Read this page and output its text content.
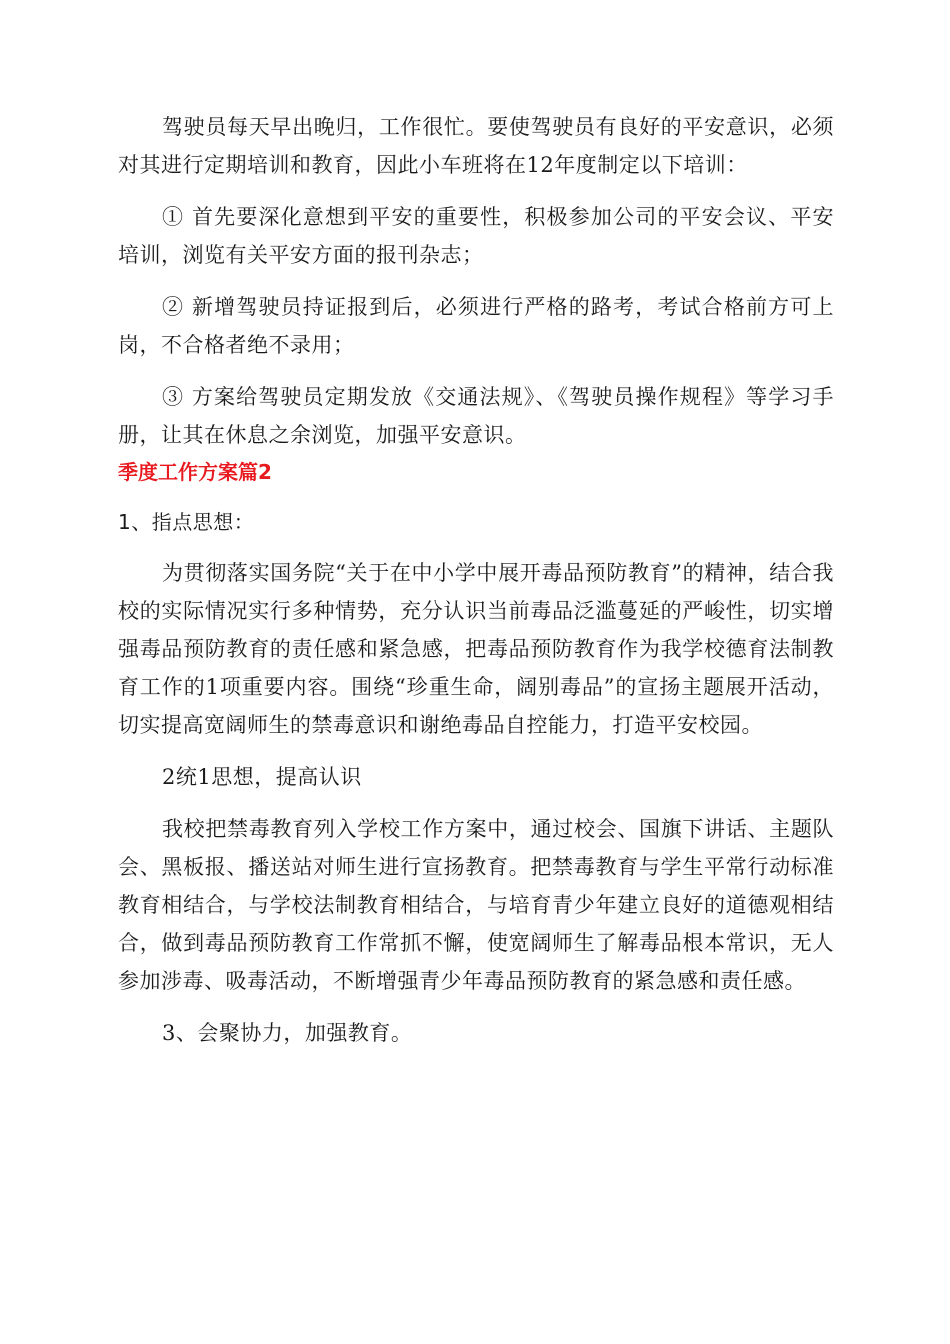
驾驶员每天早出晚归，工作很忙。要使驾驶员有良好的平安意识，必须对其进行定期培训和教育，因此小车班将在12年度制定以下培训：

① 首先要深化意想到平安的重要性，积极参加公司的平安会议、平安培训，浏览有关平安方面的报刊杂志；

② 新增驾驶员持证报到后，必须进行严格的路考，考试合格前方可上岗，不合格者绝不录用；

③ 方案给驾驶员定期发放《交通法规》、《驾驶员操作规程》等学习手册，让其在休息之余浏览，加强平安意识。

季度工作方案篇2

1、指点思想：

为贯彻落实国务院“关于在中小学中展开毒品预防教育”的精神，结合我校的实际情况实行多种情势，充分认识当前毒品泛滥蔓延的严峻性，切实增强毒品预防教育的责任感和紧急感，把毒品预防教育作为我学校德育法制教育工作的1项重要内容。围绕“珍重生命，阔别毒品”的宣扬主题展开活动，切实提高宽阔师生的禁毒意识和谢绝毒品自控能力，打造平安校园。

2统1思想，提高认识

我校把禁毒教育列入学校工作方案中，通过校会、国旗下讲话、主题队会、黑板报、播送站对师生进行宣扬教育。把禁毒教育与学生平常行动标准教育相结合，与学校法制教育相结合，与培育青少年建立良好的道德观相结合，做到毒品预防教育工作常抓不懈，使宽阔师生了解毒品根本常识，无人参加涉毒、吸毒活动，不断增强青少年毒品预防教育的紧急感和责任感。

3、会聚协力，加强教育。
